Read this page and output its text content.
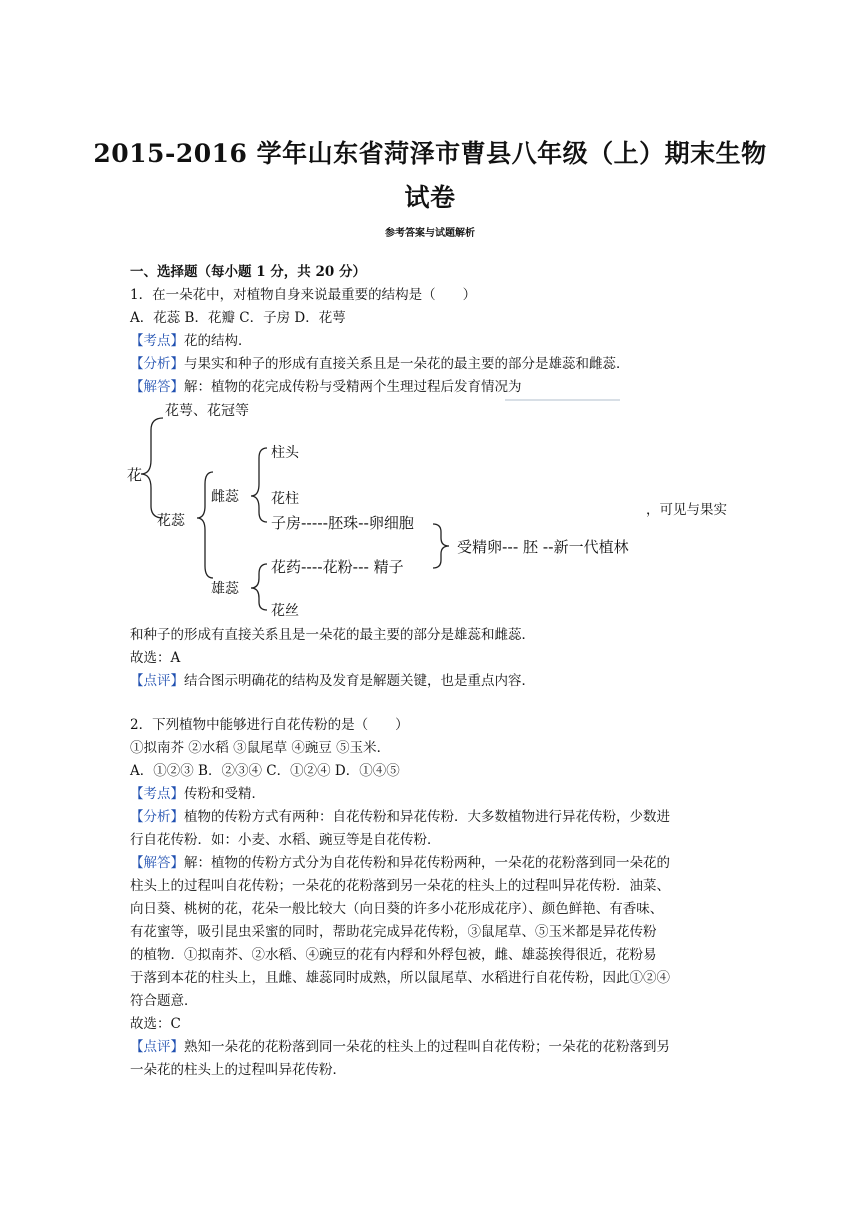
2015-2016 学年山东省菏泽市曹县八年级（上）期末生物
试卷
参考答案与试题解析
一、选择题（每小题 1 分，共 20 分）
1．在一朵花中，对植物自身来说最重要的结构是（　　）
A．花蕊 B．花瓣 C．子房 D．花萼
【考点】花的结构．
【分析】与果实和种子的形成有直接关系且是一朵花的最主要的部分是雄蕊和雌蕊．
【解答】解：植物的花完成传粉与受精两个生理过程后发育情况为
花
花萼、花冠等
花蕊
雌蕊
柱头
花柱
子房-----胚珠--卵细胞
雄蕊
花药----花粉--- 精子
花丝
受精卵--- 胚 --新一代植林
，可见与果实
和种子的形成有直接关系且是一朵花的最主要的部分是雄蕊和雌蕊．
故选：A
【点评】结合图示明确花的结构及发育是解题关键，也是重点内容．
2．下列植物中能够进行自花传粉的是（　　）
①拟南芥 ②水稻 ③鼠尾草 ④豌豆 ⑤玉米．
A．①②③ B．②③④ C．①②④ D．①④⑤
【考点】传粉和受精．
【分析】植物的传粉方式有两种：自花传粉和异花传粉．大多数植物进行异花传粉，少数进
行自花传粉．如：小麦、水稻、豌豆等是自花传粉．
【解答】解：植物的传粉方式分为自花传粉和异花传粉两种，一朵花的花粉落到同一朵花的
柱头上的过程叫自花传粉；一朵花的花粉落到另一朵花的柱头上的过程叫异花传粉．油菜、
向日葵、桃树的花，花朵一般比较大（向日葵的许多小花形成花序）、颜色鲜艳、有香味、
有花蜜等，吸引昆虫采蜜的同时，帮助花完成异花传粉，③鼠尾草、⑤玉米都是异花传粉
的植物．①拟南芥、②水稻、④豌豆的花有内稃和外稃包被，雌、雄蕊挨得很近，花粉易
于落到本花的柱头上，且雌、雄蕊同时成熟，所以鼠尾草、水稻进行自花传粉，因此①②④
符合题意．
故选：C
【点评】熟知一朵花的花粉落到同一朵花的柱头上的过程叫自花传粉；一朵花的花粉落到另
一朵花的柱头上的过程叫异花传粉．
